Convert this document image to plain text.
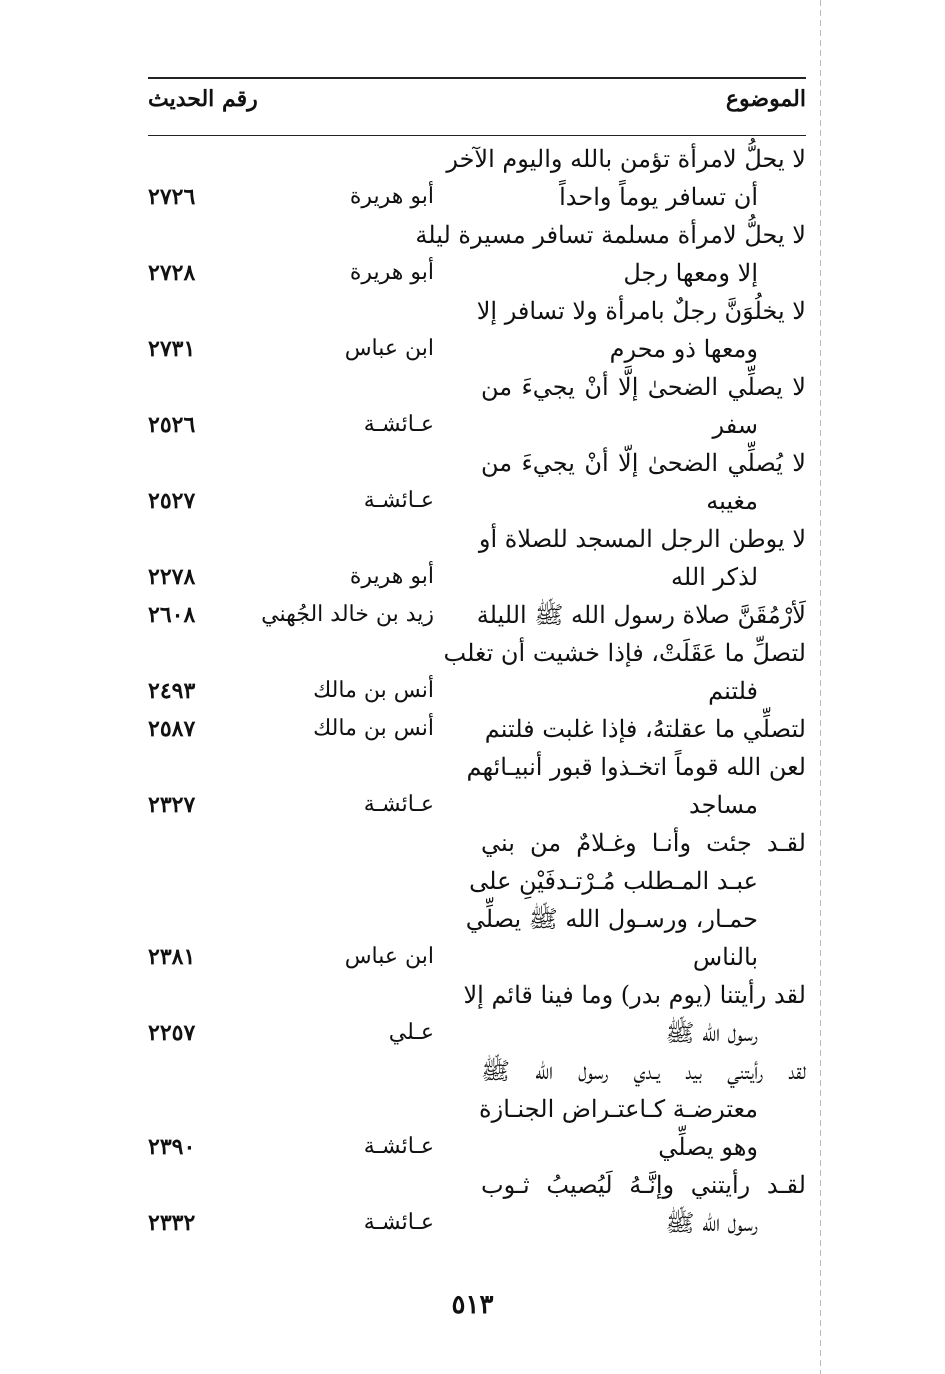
الموضوع
رقم الحديث
لا يحلُّ لامرأة تؤمن بالله واليوم الآخر
أن تسافر يوماً واحداً
أبو هريرة
٢٧٢٦
لا يحلُّ لامرأة مسلمة تسافر مسيرة ليلة
إلا ومعها رجل
أبو هريرة
٢٧٢٨
لا يخلُوَنَّ رجلٌ بامرأة ولا تسافر إلا
ومعها ذو محرم
ابن عباس
٢٧٣١
لا يصلِّي الضحىٰ إلَّا أنْ يجيءَ من
سفر
عـائشـة
٢٥٢٦
لا يُصلِّي الضحىٰ إلّا أنْ يجيءَ من
مغيبه
عـائشـة
٢٥٢٧
لا يوطن الرجل المسجد للصلاة أو
لذكر الله
أبو هريرة
٢٢٧٨
لَأرْمُقَنَّ صلاة رسول الله ﷺ الليلة
زيد بن خالد الجُهني
٢٦٠٨
لتصلِّ ما عَقَلَتْ، فإذا خشيت أن تغلب
فلتنم
أنس بن مالك
٢٤٩٣
لتصلِّي ما عقلتهُ، فإذا غلبت فلتنم
أنس بن مالك
٢٥٨٧
لعن الله قوماً اتخـذوا قبور أنبيـائهم
مساجد
عـائشـة
٢٣٢٧
لقـد جئت وأنـا وغـلامٌ من بني
عبـد المـطلب مُـرْتـدفَيْنِ على
حمـار، ورسـول الله ﷺ يصلِّي
بالناس
ابن عباس
٢٣٨١
لقد رأيتنا (يوم بدر) وما فينا قائم إلا
رسول الله ﷺ
عـلي
٢٢٥٧
لقد رأيتني بيد يـدي رسول الله ﷺ
معترضـة كـاعتـراض الجنـازة
وهو يصلِّي
عـائشـة
٢٣٩٠
لقـد رأيتني وإنَّـهُ لَيُصيبُ ثـوب
رسول الله ﷺ
عـائشـة
٢٣٣٢
٥١٣
